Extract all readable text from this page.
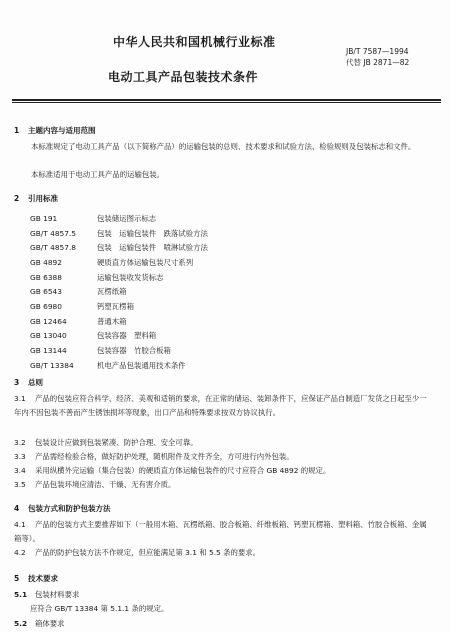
中华人民共和国机械行业标准
JB/T 7587—1994
代替 JB 2871—82
电动工具产品包装技术条件
1 主题内容与适用范围
本标准规定了电动工具产品（以下简称产品）的运输包装的总则、技术要求和试验方法、检验规则及包装标志和文件。
本标准适用于电动工具产品的运输包装。
2 引用标准
GB 191	包装储运图示标志
GB/T 4857.5	包装　运输包装件　跌落试验方法
GB/T 4857.8	包装　运输包装件　喷淋试验方法
GB 4892	硬质直方体运输包装尺寸系列
GB 6388	运输包装收发货标志
GB 6543	瓦楞纸箱
GB 6980	钙塑瓦楞箱
GB 12464	普通木箱
GB 13040	包装容器　塑料箱
GB 13144	包装容器　竹胶合板箱
GB/T 13384	机电产品包装通用技术条件
3 总则
3.1 产品的包装应符合科学、经济、美观和适销的要求，在正常的储运、装卸条件下，应保证产品自制造厂发货之日起至少一年内不因包装不善而产生锈蚀损坏等现象，出口产品和特殊要求按双方协议执行。
3.2 包装设计应做到包装紧凑、防护合理、安全可靠。
3.3 产品需经检验合格，做好防护处理，随机附件及文件齐全，方可进行内外包装。
3.4 采用纵横外完运输（集合包装）的硬质直方体运输包装件的尺寸应符合 GB 4892 的规定。
3.5 产品包装环境应清洁、干燥、无有害介质。
4 包装方式和防护包装方法
4.1 产品的包装方式主要推荐如下（一般用木箱、瓦楞纸箱、胶合板箱、纤维板箱、钙塑瓦楞箱、塑料箱、竹胶合板箱、金属箱等）。
4.2 产品的防护包装方法不作规定，但应能满足第 3.1 和 5.5 条的要求。
5 技术要求
5.1 包装材料要求
应符合 GB/T 13384 第 5.1.1 条的规定。
5.2 箱体要求
